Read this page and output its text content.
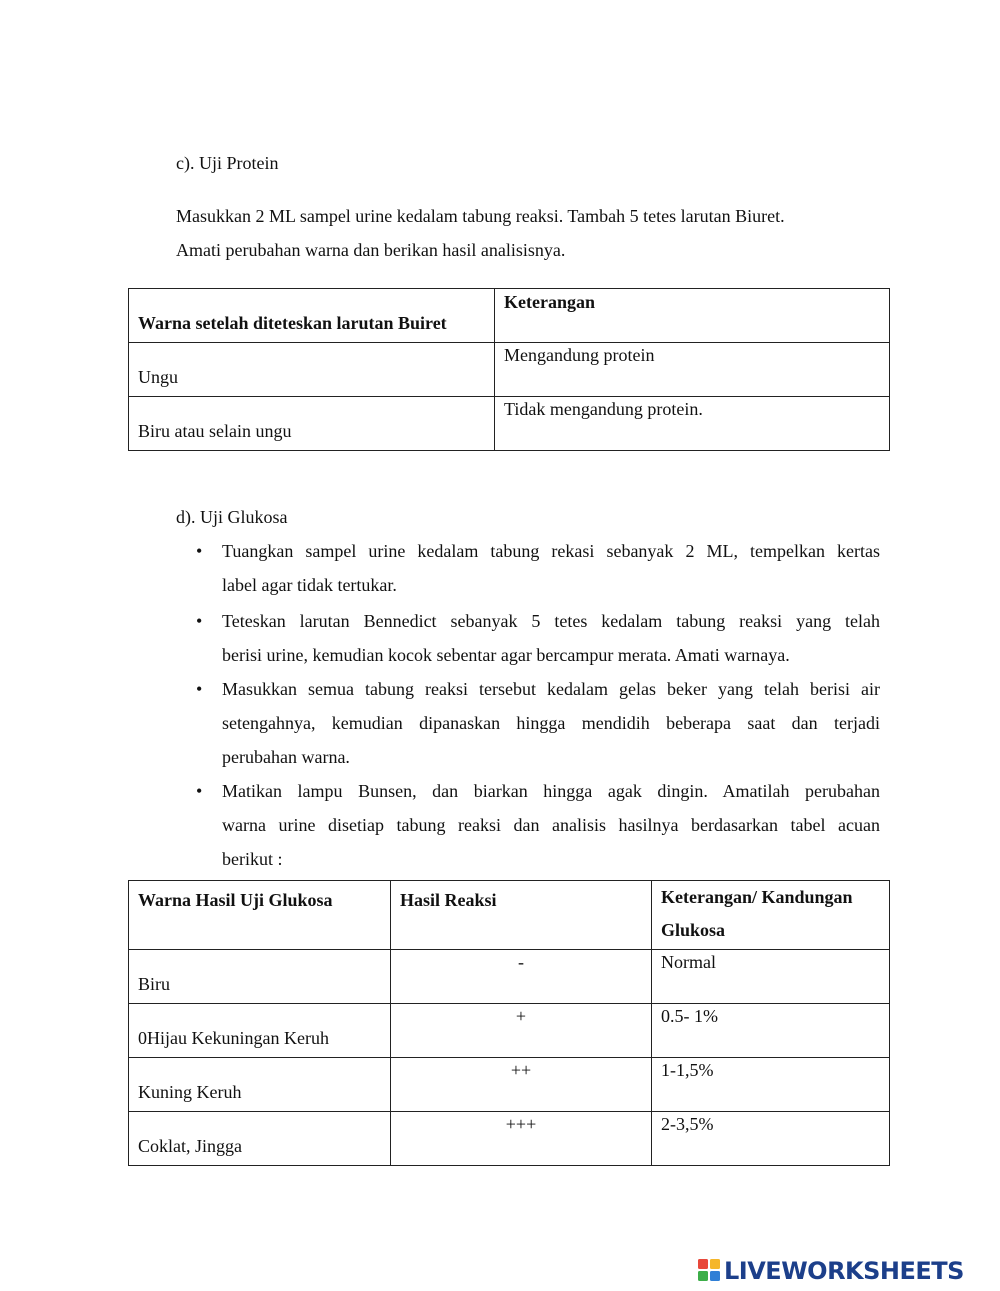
c). Uji Protein
Masukkan 2 ML sampel urine kedalam tabung reaksi. Tambah 5 tetes larutan Biuret.
Amati perubahan warna dan berikan hasil analisisnya.
Warna setelah diteteskan larutan Buiret	Keterangan
Ungu	Mengandung protein
Biru atau selain ungu	Tidak mengandung protein.
d). Uji Glukosa
• Tuangkan sampel urine kedalam tabung rekasi sebanyak 2 ML, tempelkan kertas
label agar tidak tertukar.
• Teteskan larutan Bennedict sebanyak 5 tetes kedalam tabung reaksi yang telah
berisi urine, kemudian kocok sebentar agar bercampur merata. Amati warnaya.
• Masukkan semua tabung reaksi tersebut kedalam gelas beker yang telah berisi air
setengahnya, kemudian dipanaskan hingga mendidih beberapa saat dan terjadi
perubahan warna.
• Matikan lampu Bunsen, dan biarkan hingga agak dingin. Amatilah perubahan
warna urine disetiap tabung reaksi dan analisis hasilnya berdasarkan tabel acuan
berikut :
Warna Hasil Uji Glukosa	Hasil Reaksi	Keterangan/ Kandungan Glukosa
Biru	-	Normal
0Hijau Kekuningan Keruh	+	0.5- 1%
Kuning Keruh	++	1-1,5%
Coklat, Jingga	+++	2-3,5%
LIVEWORKSHEETS
